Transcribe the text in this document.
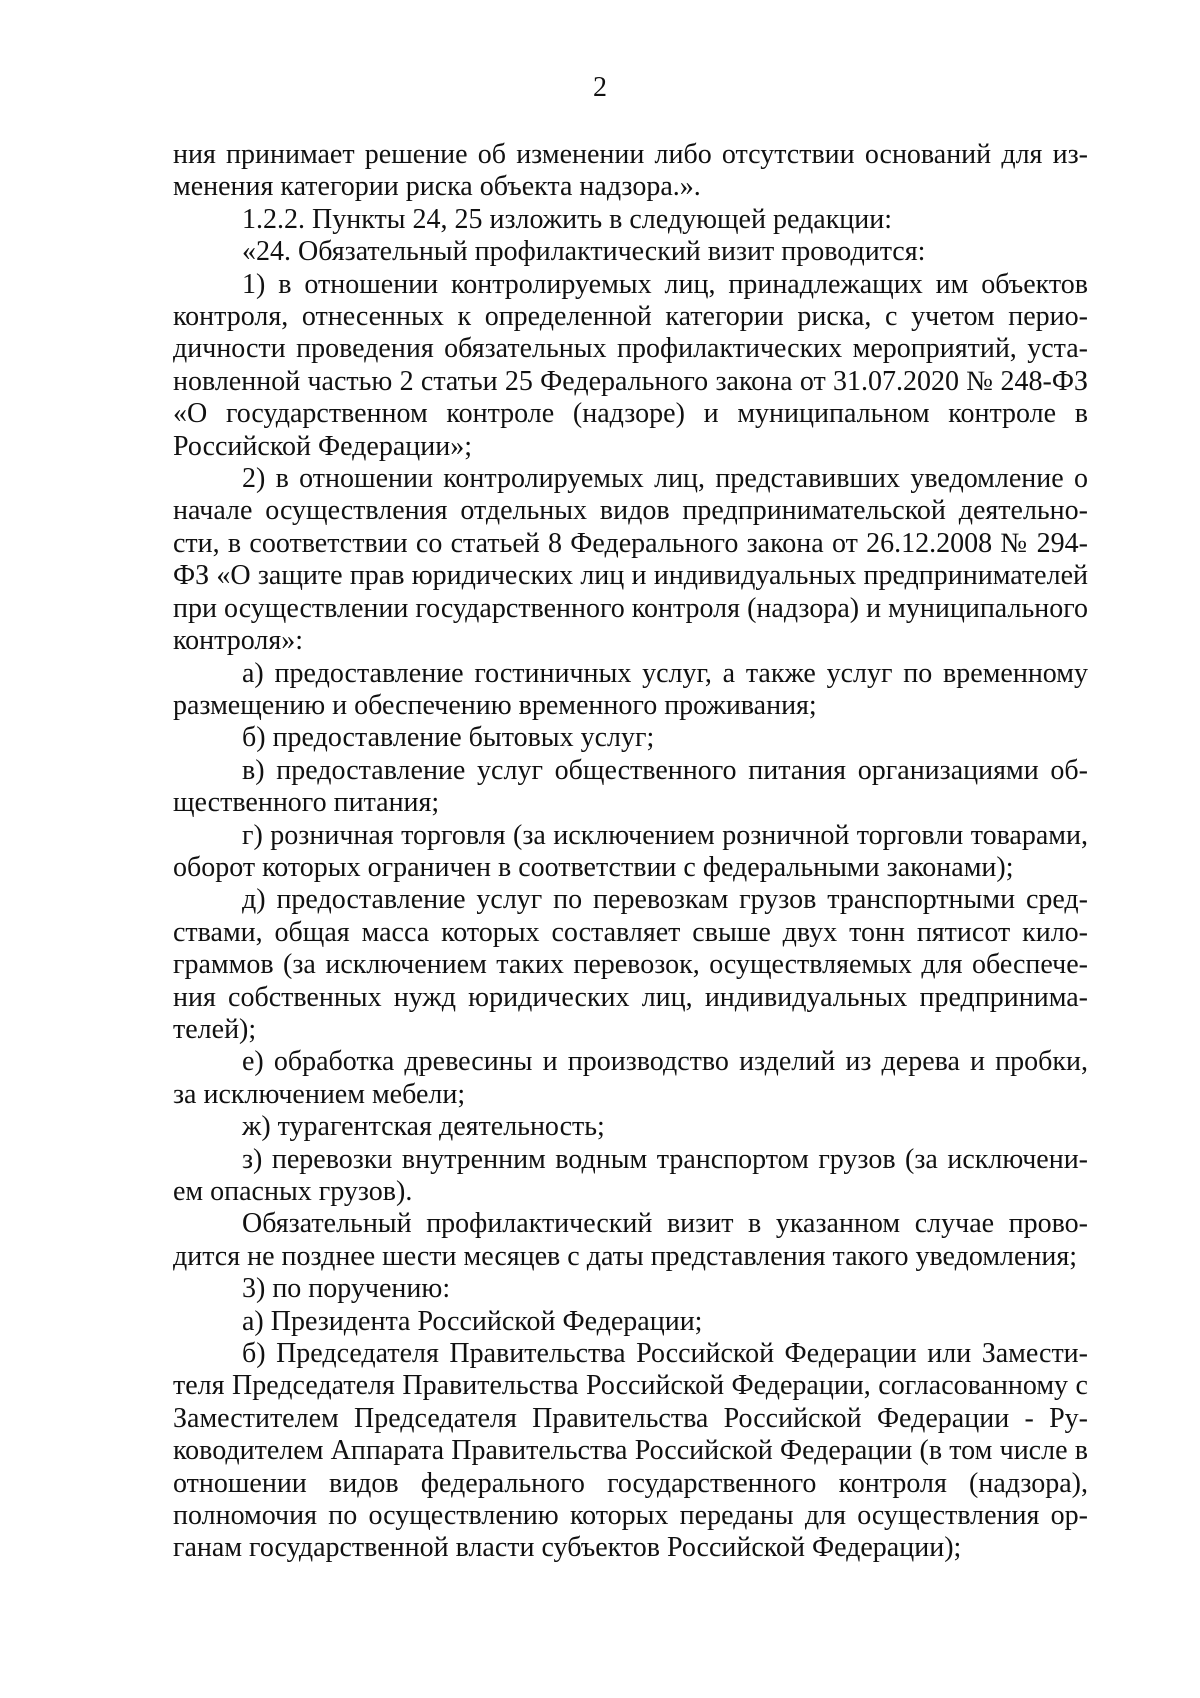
2

ния принимает решение об изменении либо отсутствии оснований для изменения категории риска объекта надзора.».

1.2.2. Пункты 24, 25 изложить в следующей редакции:

«24. Обязательный профилактический визит проводится:

1) в отношении контролируемых лиц, принадлежащих им объектов контроля, отнесенных к определенной категории риска, с учетом периодичности проведения обязательных профилактических мероприятий, установленной частью 2 статьи 25 Федерального закона от 31.07.2020 № 248-ФЗ «О государственном контроле (надзоре) и муниципальном контроле в Российской Федерации»;

2) в отношении контролируемых лиц, представивших уведомление о начале осуществления отдельных видов предпринимательской деятельности, в соответствии со статьей 8 Федерального закона от 26.12.2008 № 294-ФЗ «О защите прав юридических лиц и индивидуальных предпринимателей при осуществлении государственного контроля (надзора) и муниципального контроля»:

а) предоставление гостиничных услуг, а также услуг по временному размещению и обеспечению временного проживания;

б) предоставление бытовых услуг;

в) предоставление услуг общественного питания организациями общественного питания;

г) розничная торговля (за исключением розничной торговли товарами, оборот которых ограничен в соответствии с федеральными законами);

д) предоставление услуг по перевозкам грузов транспортными средствами, общая масса которых составляет свыше двух тонн пятисот килограммов (за исключением таких перевозок, осуществляемых для обеспечения собственных нужд юридических лиц, индивидуальных предпринимателей);

е) обработка древесины и производство изделий из дерева и пробки, за исключением мебели;

ж) турагентская деятельность;

з) перевозки внутренним водным транспортом грузов (за исключением опасных грузов).

Обязательный профилактический визит в указанном случае проводится не позднее шести месяцев с даты представления такого уведомления;

3) по поручению:

а) Президента Российской Федерации;

б) Председателя Правительства Российской Федерации или Заместителя Председателя Правительства Российской Федерации, согласованному с Заместителем Председателя Правительства Российской Федерации - Руководителем Аппарата Правительства Российской Федерации (в том числе в отношении видов федерального государственного контроля (надзора), полномочия по осуществлению которых переданы для осуществления органам государственной власти субъектов Российской Федерации);
